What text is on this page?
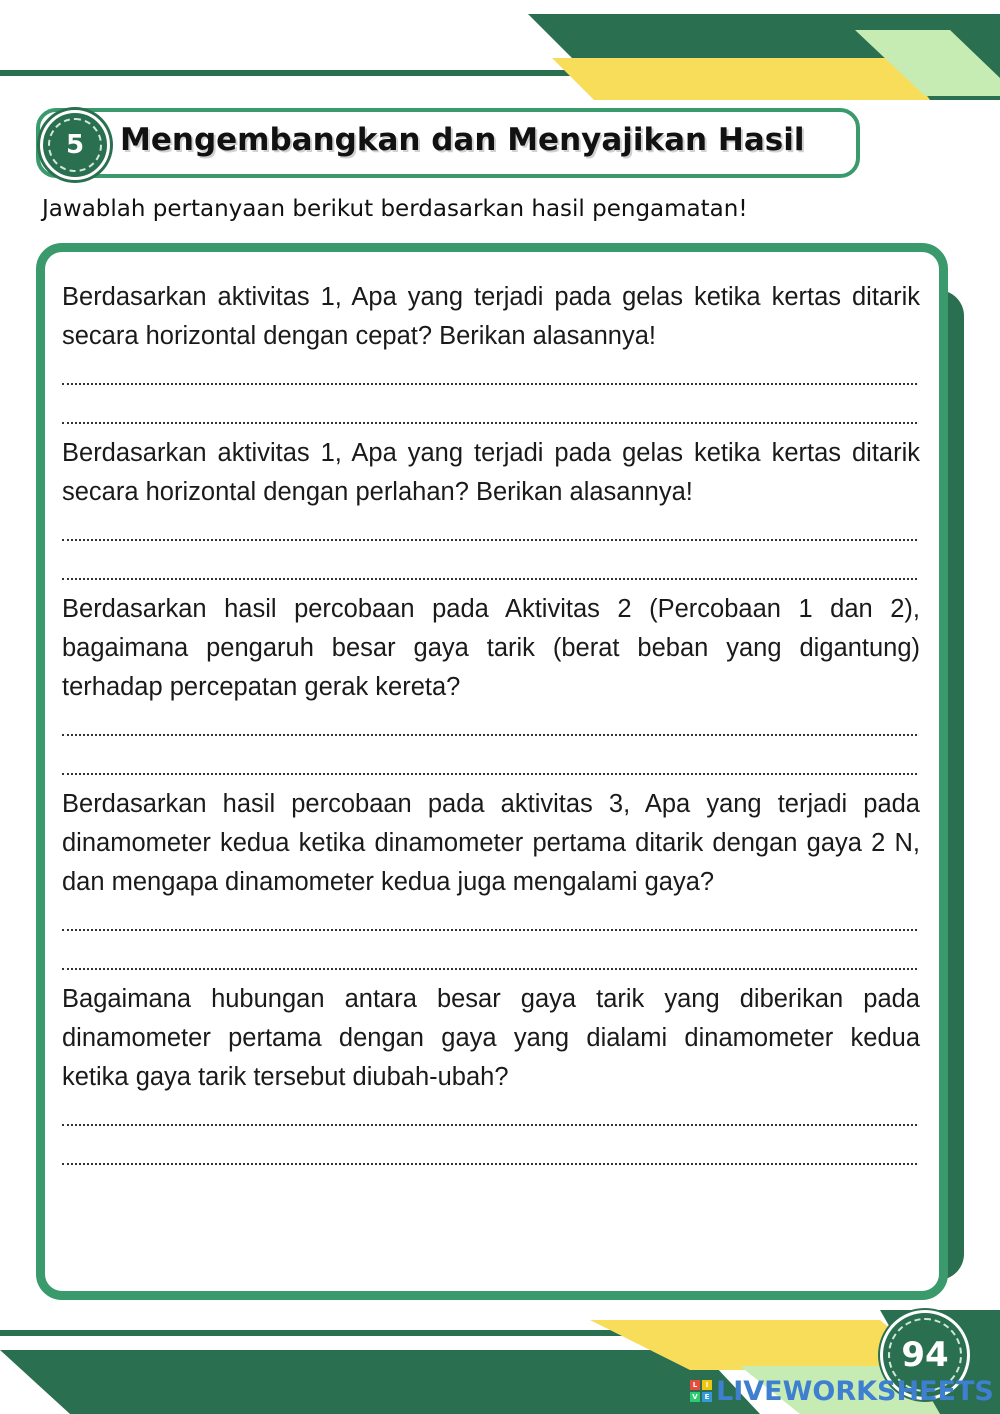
5 Mengembangkan dan Menyajikan Hasil
Jawablah pertanyaan berikut berdasarkan hasil pengamatan!
Berdasarkan aktivitas 1, Apa yang terjadi pada gelas ketika kertas ditarik secara horizontal dengan cepat? Berikan alasannya!
Berdasarkan aktivitas 1, Apa yang terjadi pada gelas ketika kertas ditarik secara horizontal dengan perlahan? Berikan alasannya!
Berdasarkan hasil percobaan pada Aktivitas 2 (Percobaan 1 dan 2), bagaimana pengaruh besar gaya tarik (berat beban yang digantung) terhadap percepatan gerak kereta?
Berdasarkan hasil percobaan pada aktivitas 3, Apa yang terjadi pada dinamometer kedua ketika dinamometer pertama ditarik dengan gaya 2 N, dan mengapa dinamometer kedua juga mengalami gaya?
Bagaimana hubungan antara besar gaya tarik yang diberikan pada dinamometer pertama dengan gaya yang dialami dinamometer kedua ketika gaya tarik tersebut diubah-ubah?
94
L	I
V E LIVEWORKSHEETS
